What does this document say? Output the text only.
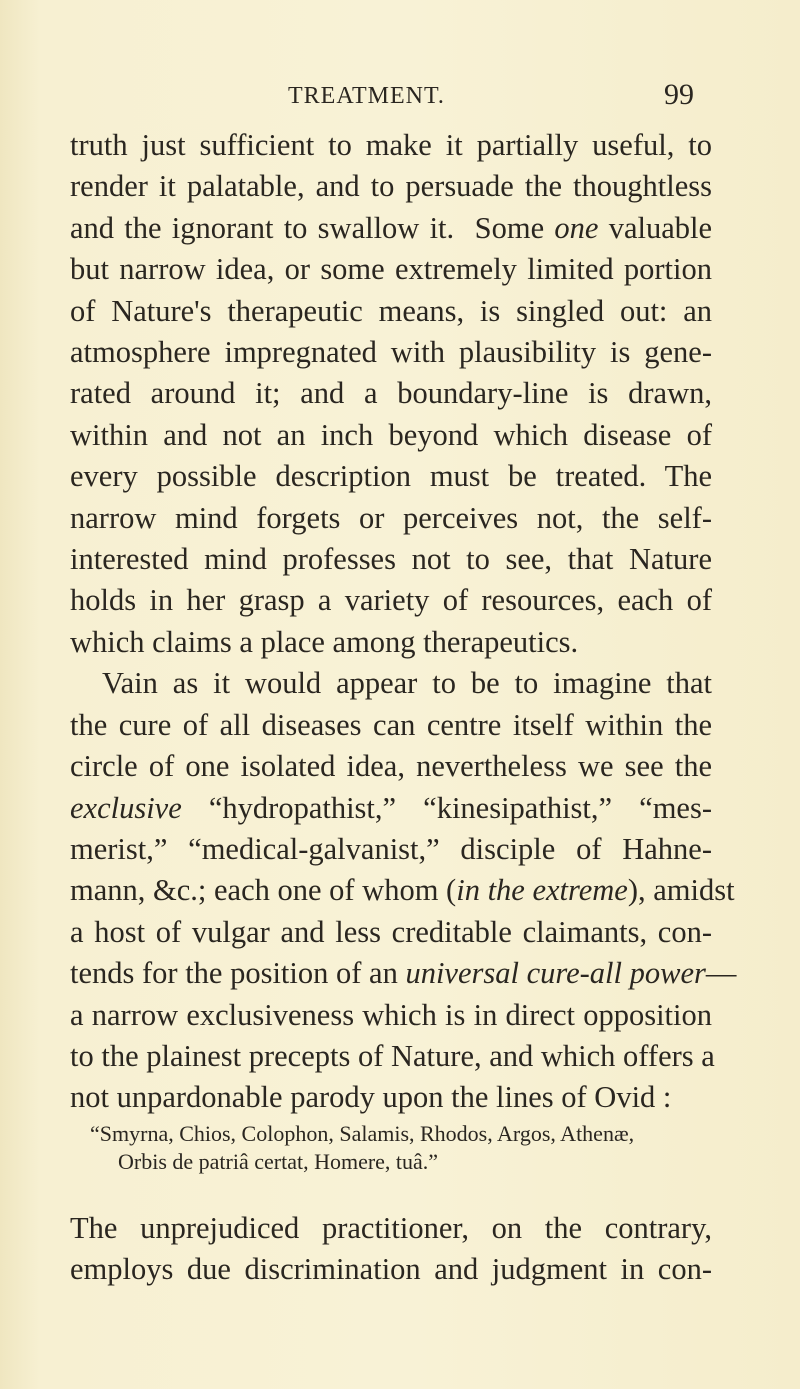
TREATMENT.	99
truth just sufficient to make it partially useful, to
render it palatable, and to persuade the thoughtless
and the ignorant to swallow it.  Some one valuable
but narrow idea, or some extremely limited portion
of Nature's therapeutic means, is singled out: an
atmosphere impregnated with plausibility is gene-
rated around it; and a boundary-line is drawn,
within and not an inch beyond which disease of
every possible description must be treated. The
narrow mind forgets or perceives not, the self-
interested mind professes not to see, that Nature
holds in her grasp a variety of resources, each of
which claims a place among therapeutics.
Vain as it would appear to be to imagine that
the cure of all diseases can centre itself within the
circle of one isolated idea, nevertheless we see the
exclusive “hydropathist,” “kinesipathist,” “mes-
merist,” “medical-galvanist,” disciple of Hahne-
mann, &c.; each one of whom (in the extreme), amidst
a host of vulgar and less creditable claimants, con-
tends for the position of an universal cure-all power—
a narrow exclusiveness which is in direct opposition
to the plainest precepts of Nature, and which offers a
not unpardonable parody upon the lines of Ovid :
“Smyrna, Chios, Colophon, Salamis, Rhodos, Argos, Athenæ,
Orbis de patriâ certat, Homere, tuâ.”
The unprejudiced practitioner, on the contrary,
employs due discrimination and judgment in con-
